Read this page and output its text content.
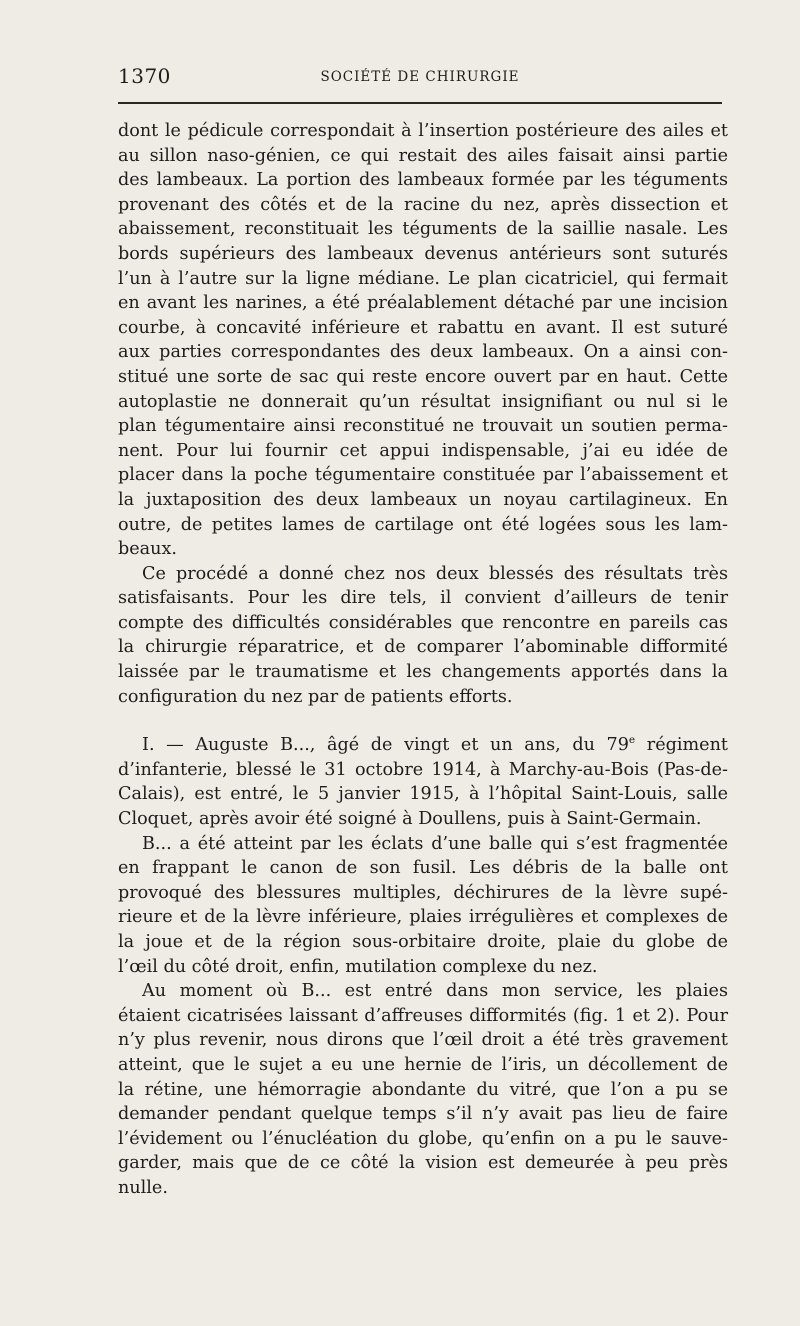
1370	SOCIÉTÉ DE CHIRURGIE
dont le pédicule correspondait à l’insertion postérieure des ailes et
au sillon naso-génien, ce qui restait des ailes faisait ainsi partie
des lambeaux. La portion des lambeaux formée par les téguments
provenant des côtés et de la racine du nez, après dissection et
abaissement, reconstituait les téguments de la saillie nasale. Les
bords supérieurs des lambeaux devenus antérieurs sont suturés
l’un à l’autre sur la ligne médiane. Le plan cicatriciel, qui fermait
en avant les narines, a été préalablement détaché par une incision
courbe, à concavité inférieure et rabattu en avant. Il est suturé
aux parties correspondantes des deux lambeaux. On a ainsi con-
stitué une sorte de sac qui reste encore ouvert par en haut. Cette
autoplastie ne donnerait qu’un résultat insignifiant ou nul si le
plan tégumentaire ainsi reconstitué ne trouvait un soutien perma-
nent. Pour lui fournir cet appui indispensable, j’ai eu idée de
placer dans la poche tégumentaire constituée par l’abaissement et
la juxtaposition des deux lambeaux un noyau cartilagineux. En
outre, de petites lames de cartilage ont été logées sous les lam-
beaux.
Ce procédé a donné chez nos deux blessés des résultats très
satisfaisants. Pour les dire tels, il convient d’ailleurs de tenir
compte des difficultés considérables que rencontre en pareils cas
la chirurgie réparatrice, et de comparer l’abominable difformité
laissée par le traumatisme et les changements apportés dans la
configuration du nez par de patients efforts.
I. — Auguste B..., âgé de vingt et un ans, du 79e régiment
d’infanterie, blessé le 31 octobre 1914, à Marchy-au-Bois (Pas-de-
Calais), est entré, le 5 janvier 1915, à l’hôpital Saint-Louis, salle
Cloquet, après avoir été soigné à Doullens, puis à Saint-Germain.
B... a été atteint par les éclats d’une balle qui s’est fragmentée
en frappant le canon de son fusil. Les débris de la balle ont
provoqué des blessures multiples, déchirures de la lèvre supé-
rieure et de la lèvre inférieure, plaies irrégulières et complexes de
la joue et de la région sous-orbitaire droite, plaie du globe de
l’œil du côté droit, enfin, mutilation complexe du nez.
Au moment où B... est entré dans mon service, les plaies
étaient cicatrisées laissant d’affreuses difformités (fig. 1 et 2). Pour
n’y plus revenir, nous dirons que l’œil droit a été très gravement
atteint, que le sujet a eu une hernie de l’iris, un décollement de
la rétine, une hémorragie abondante du vitré, que l’on a pu se
demander pendant quelque temps s’il n’y avait pas lieu de faire
l’évidement ou l’énucléation du globe, qu’enfin on a pu le sauve-
garder, mais que de ce côté la vision est demeurée à peu près
nulle.
